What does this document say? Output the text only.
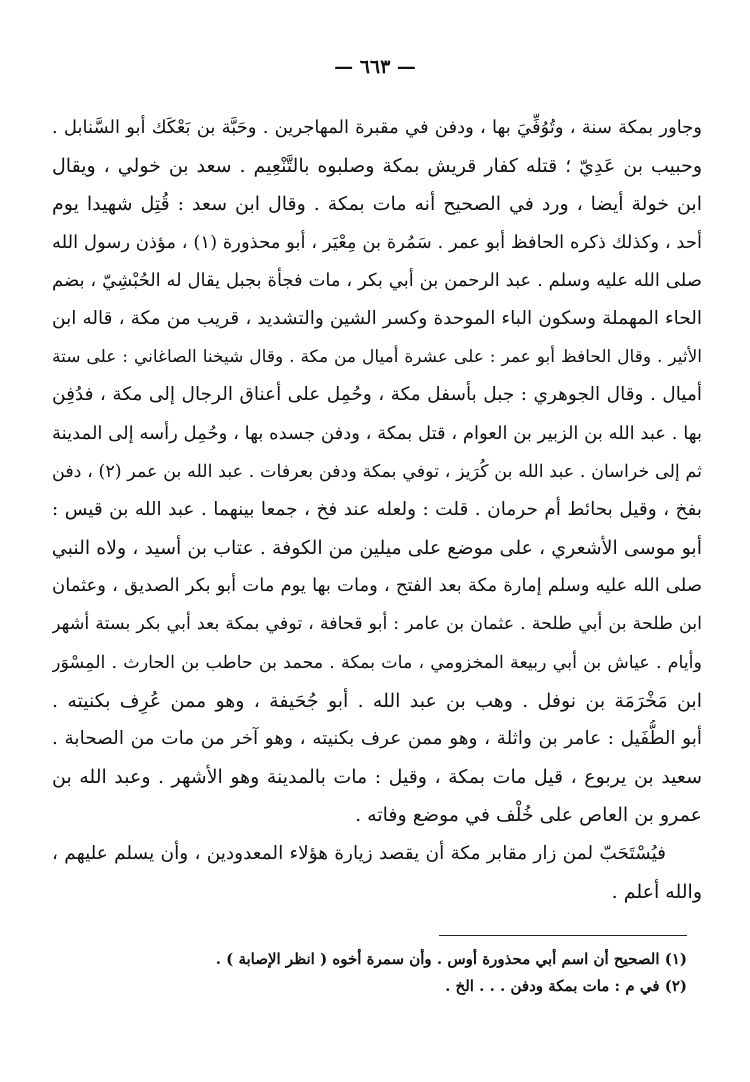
— ٦٦٣ —
وجاور بمكة سنة ، وتُوُفِّيَ بها ، ودفن في مقبرة المهاجرين . وحَبَّة بن بَعْكَك أبو السَّنابل .
وحبيب بن عَدِيّ ؛ قتله كفار قريش بمكة وصلبوه بالتَّنْعِيم . سعد بن خولي ، ويقال
ابن خولة أيضا ، ورد في الصحيح أنه مات بمكة . وقال ابن سعد : قُتِل شهيدا يوم
أحد ، وكذلك ذكره الحافظ أبو عمر . سَمُرة بن مِعْيَر ، أبو محذورة (١) ، مؤذن رسول الله
صلى الله عليه وسلم . عبد الرحمن بن أبي بكر ، مات فجأة بجبل يقال له الحُبْشِيّ ، بضم
الحاء المهملة وسكون الباء الموحدة وكسر الشين والتشديد ، قريب من مكة ، قاله ابن
الأثير . وقال الحافظ أبو عمر : على عشرة أميال من مكة . وقال شيخنا الصاغاني : على ستة
أميال . وقال الجوهري : جبل بأسفل مكة ، وحُمِل على أعناق الرجال إلى مكة ، فدُفِن
بها . عبد الله بن الزبير بن العوام ، قتل بمكة ، ودفن جسده بها ، وحُمِل رأسه إلى المدينة
ثم إلى خراسان . عبد الله بن كُرَيز ، توفي بمكة ودفن بعرفات . عبد الله بن عمر (٢) ، دفن
بفخ ، وقيل بحائط أم حرمان . قلت : ولعله عند فخ ، جمعا بينهما . عبد الله بن قيس :
أبو موسى الأشعري ، على موضع على ميلين من الكوفة . عتاب بن أسيد ، ولاه النبي
صلى الله عليه وسلم إمارة مكة بعد الفتح ، ومات بها يوم مات أبو بكر الصديق ، وعثمان
ابن طلحة بن أبي طلحة . عثمان بن عامر : أبو قحافة ، توفي بمكة بعد أبي بكر بستة أشهر
وأيام . عياش بن أبي ربيعة المخزومي ، مات بمكة . محمد بن حاطب بن الحارث . المِسْوَر
ابن مَخْرَمَة بن نوفل . وهب بن عبد الله . أبو جُحَيفة ، وهو ممن عُرِف بكنيته .
أبو الطُّفَيل : عامر بن واثلة ، وهو ممن عرف بكنيته ، وهو آخر من مات من الصحابة .
سعيد بن يربوع ، قيل مات بمكة ، وقيل : مات بالمدينة وهو الأشهر . وعبد الله بن
عمرو بن العاص على خُلْف في موضع وفاته .
فيُسْتَحَبّ لمن زار مقابر مكة أن يقصد زيارة هؤلاء المعدودين ، وأن يسلم عليهم ،
والله أعلم .
(١) الصحيح أن اسم أبي محذورة أوس . وأن سمرة أخوه ( انظر الإصابة ) .
(٢) في م : مات بمكة ودفن . . . الخ .
